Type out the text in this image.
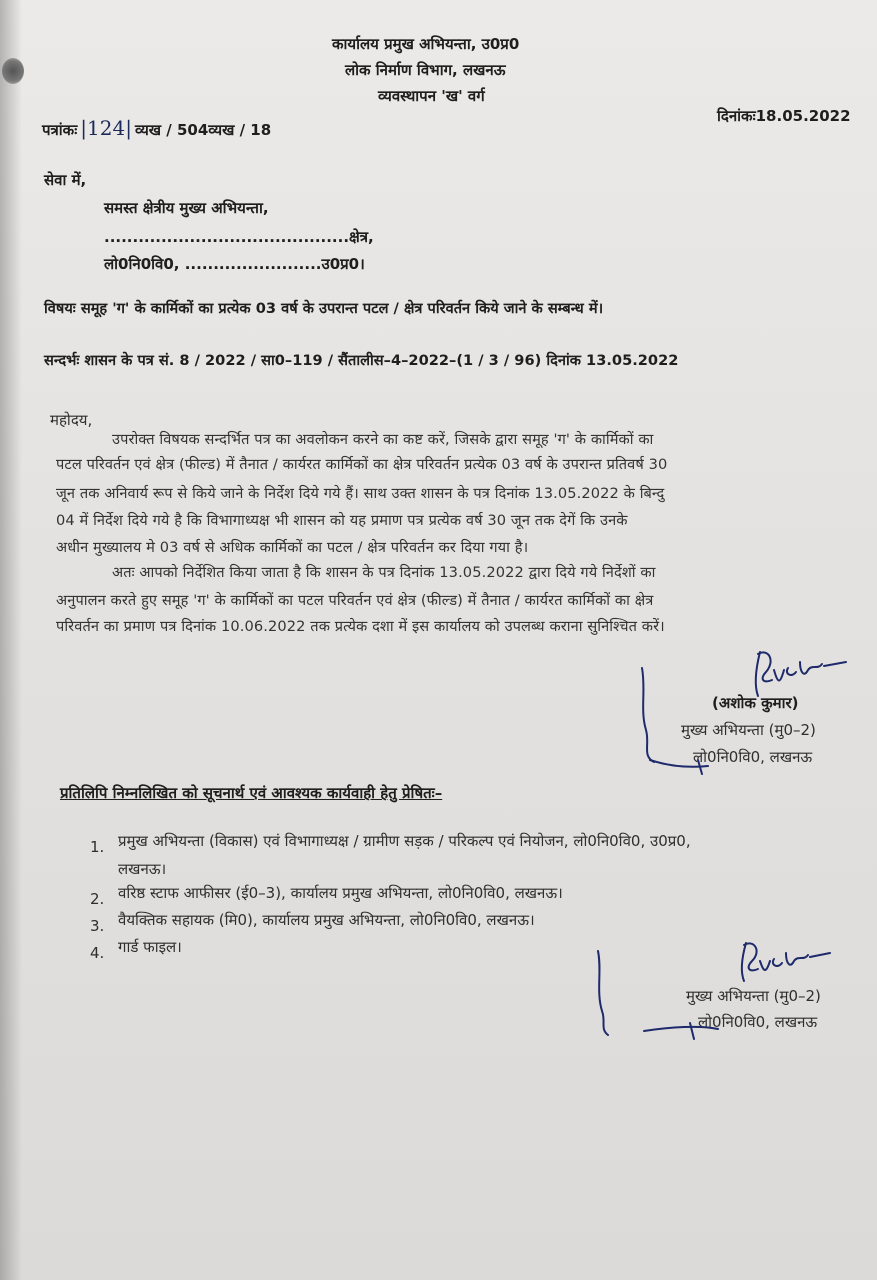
कार्यालय प्रमुख अभियन्ता, उ0प्र0
लोक निर्माण विभाग, लखनऊ
व्यवस्थापन 'ख' वर्ग
पत्रांकः |124| व्यख / 504व्यख / 18
दिनांकः18.05.2022
सेवा में,
समस्त क्षेत्रीय मुख्य अभियन्ता,
...........................................क्षेत्र,
लो0नि0वि0, ........................उ0प्र0।
विषयः समूह 'ग' के कार्मिकों का प्रत्येक 03 वर्ष के उपरान्त पटल / क्षेत्र परिवर्तन किये जाने के सम्बन्ध में।
सन्दर्भः शासन के पत्र सं. 8 / 2022 / सा0–119 / सैंतालीस–4–2022–(1 / 3 / 96) दिनांक 13.05.2022
महोदय,
उपरोक्त विषयक सन्दर्भित पत्र का अवलोकन करने का कष्ट करें, जिसके द्वारा समूह 'ग' के कार्मिकों का
पटल परिवर्तन एवं क्षेत्र (फील्ड) में तैनात / कार्यरत कार्मिकों का क्षेत्र परिवर्तन प्रत्येक 03 वर्ष के उपरान्त प्रतिवर्ष 30
जून तक अनिवार्य रूप से किये जाने के निर्देश दिये गये हैं। साथ उक्त शासन के पत्र दिनांक 13.05.2022 के बिन्दु
04 में निर्देश दिये गये है कि विभागाध्यक्ष भी शासन को यह प्रमाण पत्र प्रत्येक वर्ष 30 जून तक देगें कि उनके
अधीन मुख्यालय मे 03 वर्ष से अधिक कार्मिकों का पटल / क्षेत्र परिवर्तन कर दिया गया है।
अतः आपको निर्देशित किया जाता है कि शासन के पत्र दिनांक 13.05.2022 द्वारा दिये गये निर्देशों का
अनुपालन करते हुए समूह 'ग' के कार्मिकों का पटल परिवर्तन एवं क्षेत्र (फील्ड) में तैनात / कार्यरत कार्मिकों का क्षेत्र
परिवर्तन का प्रमाण पत्र दिनांक 10.06.2022 तक प्रत्येक दशा में इस कार्यालय को उपलब्ध कराना सुनिश्चित करें।
(अशोक कुमार)
मुख्य अभियन्ता (मु0–2)
लो0नि0वि0, लखनऊ
प्रतिलिपि निम्नलिखित को सूचनार्थ एवं आवश्यक कार्यवाही हेतु प्रेषितः–
1. प्रमुख अभियन्ता (विकास) एवं विभागाध्यक्ष / ग्रामीण सड़क / परिकल्प एवं नियोजन, लो0नि0वि0, उ0प्र0,
लखनऊ।
2. वरिष्ठ स्टाफ आफीसर (ई0–3), कार्यालय प्रमुख अभियन्ता, लो0नि0वि0, लखनऊ।
3. वैयक्तिक सहायक (मि0), कार्यालय प्रमुख अभियन्ता, लो0नि0वि0, लखनऊ।
4. गार्ड फाइल।
मुख्य अभियन्ता (मु0–2)
लो0नि0वि0, लखनऊ
